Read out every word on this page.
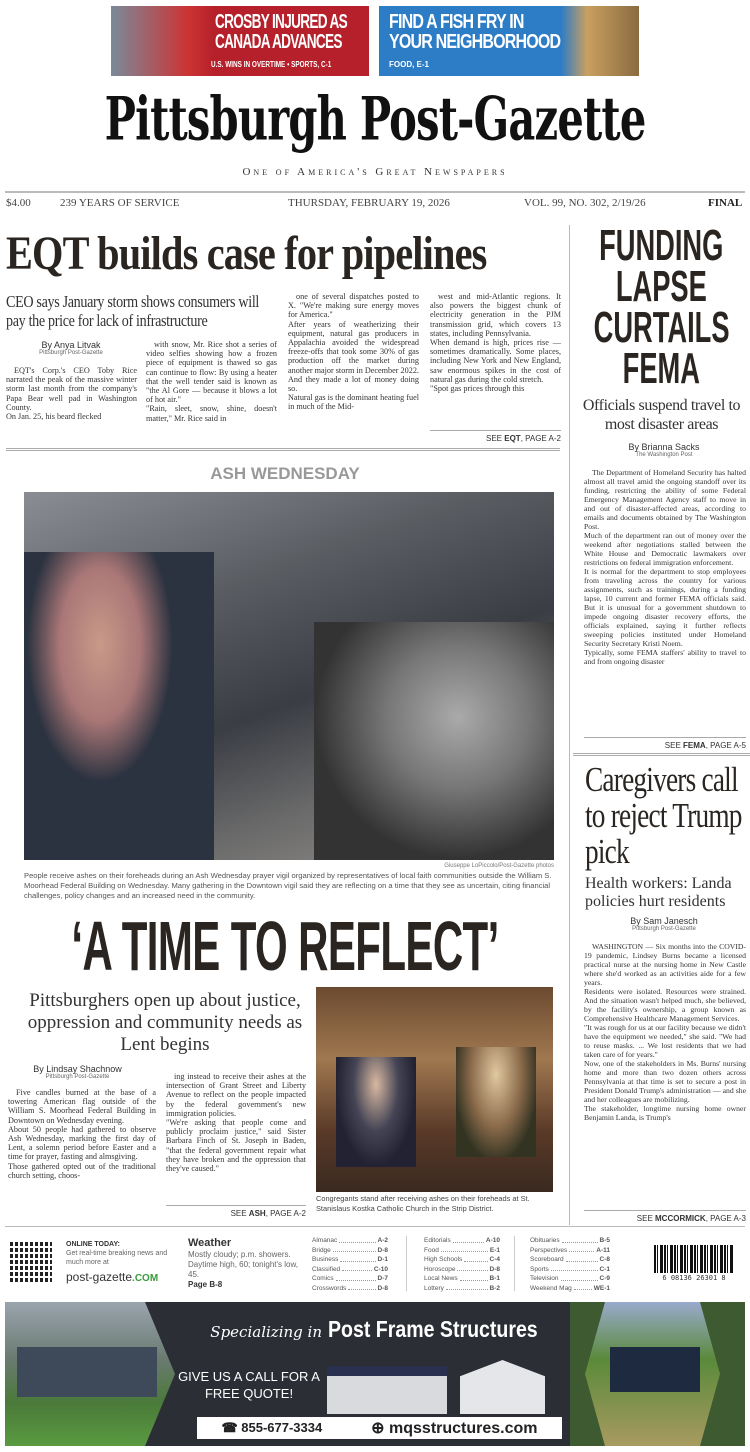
CROSBY INJURED AS CANADA ADVANCES
U.S. WINS IN OVERTIME • SPORTS, C-1
FIND A FISH FRY IN YOUR NEIGHBORHOOD
FOOD, E-1
Pittsburgh Post-Gazette
One of America's Great Newspapers
$4.00	239 YEARS OF SERVICE	THURSDAY, FEBRUARY 19, 2026	VOL. 99, NO. 302, 2/19/26	FINAL
EQT builds case for pipelines
CEO says January storm shows consumers will pay the price for lack of infrastructure
By Anya Litvak
Pittsburgh Post-Gazette
EQT's Corp.'s CEO Toby Rice narrated the peak of the massive winter storm last month from the company's Papa Bear well pad in Washington County.
On Jan. 25, his beard flecked
with snow, Mr. Rice shot a series of video selfies showing how a frozen piece of equipment is thawed so gas can continue to flow: By using a heater that the well tender said is known as "the Al Gore — because it blows a lot of hot air."
"Rain, sleet, snow, shine, doesn't matter," Mr. Rice said in
one of several dispatches posted to X. "We're making sure energy moves for America."
After years of weatherizing their equipment, natural gas producers in Appalachia avoided the widespread freeze-offs that took some 30% of gas production off the market during another major storm in December 2022.
And they made a lot of money doing so.
Natural gas is the dominant heating fuel in much of the Mid-
west and mid-Atlantic regions. It also powers the biggest chunk of electricity generation in the PJM transmission grid, which covers 13 states, including Pennsylvania.
When demand is high, prices rise — sometimes dramatically. Some places, including New York and New England, saw enormous spikes in the cost of natural gas during the cold stretch.
"Spot gas prices through this
SEE EQT, PAGE A-2
ASH WEDNESDAY
Giuseppe LoPiccolo/Post-Gazette photos
People receive ashes on their foreheads during an Ash Wednesday prayer vigil organized by representatives of local faith communities outside the William S. Moorhead Federal Building on Wednesday. Many gathering in the Downtown vigil said they are reflecting on a time that they see as uncertain, citing financial challenges, policy changes and an increased need in the community.
‘A TIME TO REFLECT’
Pittsburghers open up about justice, oppression and community needs as Lent begins
By Lindsay Shachnow
Pittsburgh Post-Gazette
Five candles burned at the base of a towering American flag outside of the William S. Moorhead Federal Building in Downtown on Wednesday evening.
About 50 people had gathered to observe Ash Wednesday, marking the first day of Lent, a solemn period before Easter and a time for prayer, fasting and almsgiving.
Those gathered opted out of the traditional church setting, choos-
ing instead to receive their ashes at the intersection of Grant Street and Liberty Avenue to reflect on the people impacted by the federal government's new immigration policies.
"We're asking that people come and publicly proclaim justice," said Sister Barbara Finch of St. Joseph in Baden, "that the federal government repair what they have broken and the oppression that they've caused."
SEE ASH, PAGE A-2
Congregants stand after receiving ashes on their foreheads at St. Stanislaus Kostka Catholic Church in the Strip District.
FUNDING
LAPSE
CURTAILS
FEMA
Officials suspend travel to most disaster areas
By Brianna Sacks
The Washington Post
The Department of Homeland Security has halted almost all travel amid the ongoing standoff over its funding, restricting the ability of some Federal Emergency Management Agency staff to move in and out of disaster-affected areas, according to emails and documents obtained by The Washington Post.
Much of the department ran out of money over the weekend after negotiations stalled between the White House and Democratic lawmakers over restrictions on federal immigration enforcement.
It is normal for the department to stop employees from traveling across the country for various assignments, such as trainings, during a funding lapse, 10 current and former FEMA officials said. But it is unusual for a government shutdown to impede ongoing disaster recovery efforts, the officials explained, saying it further reflects sweeping policies instituted under Homeland Security Secretary Kristi Noem.
Typically, some FEMA staffers' ability to travel to and from ongoing disaster
SEE FEMA, PAGE A-5
Caregivers call to reject Trump pick
Health workers: Landa policies hurt residents
By Sam Janesch
Pittsburgh Post-Gazette
WASHINGTON — Six months into the COVID-19 pandemic, Lindsey Burns became a licensed practical nurse at the nursing home in New Castle where she'd worked as an activities aide for a few years.
Residents were isolated. Resources were strained. And the situation wasn't helped much, she believed, by the facility's ownership, a group known as Comprehensive Healthcare Management Services.
"It was rough for us at our facility because we didn't have the equipment we needed," she said. "We had to reuse masks. ... We lost residents that we had taken care of for years."
Now, one of the stakeholders in Ms. Burns' nursing home and more than two dozen others across Pennsylvania at that time is set to secure a post in President Donald Trump's administration — and she and her colleagues are mobilizing.
The stakeholder, longtime nursing home owner Benjamin Landa, is Trump's
SEE MCCORMICK, PAGE A-3
ONLINE TODAY:
Get real-time breaking news and much more at
post-gazette.COM
Weather
Mostly cloudy; p.m. showers. Daytime high, 60; tonight's low, 45.
Page B-8
Almanac	A-2
Bridge	D-8
Business	D-1
Classified	C-10
Comics	D-7
Crosswords	D-8
Editorials	A-10
Food	E-1
High Schools	C-4
Horoscope	D-8
Local News	B-1
Lottery	B-2
Obituaries	B-5
Perspectives	A-11
Scoreboard	C-8
Sports	C-1
Television	C-9
Weekend Mag	WE-1
6 08136 26301 8
Specializing in Post Frame Structures
GIVE US A CALL FOR A FREE QUOTE!
☎ 855-677-3334	⊕ mqsstructures.com
